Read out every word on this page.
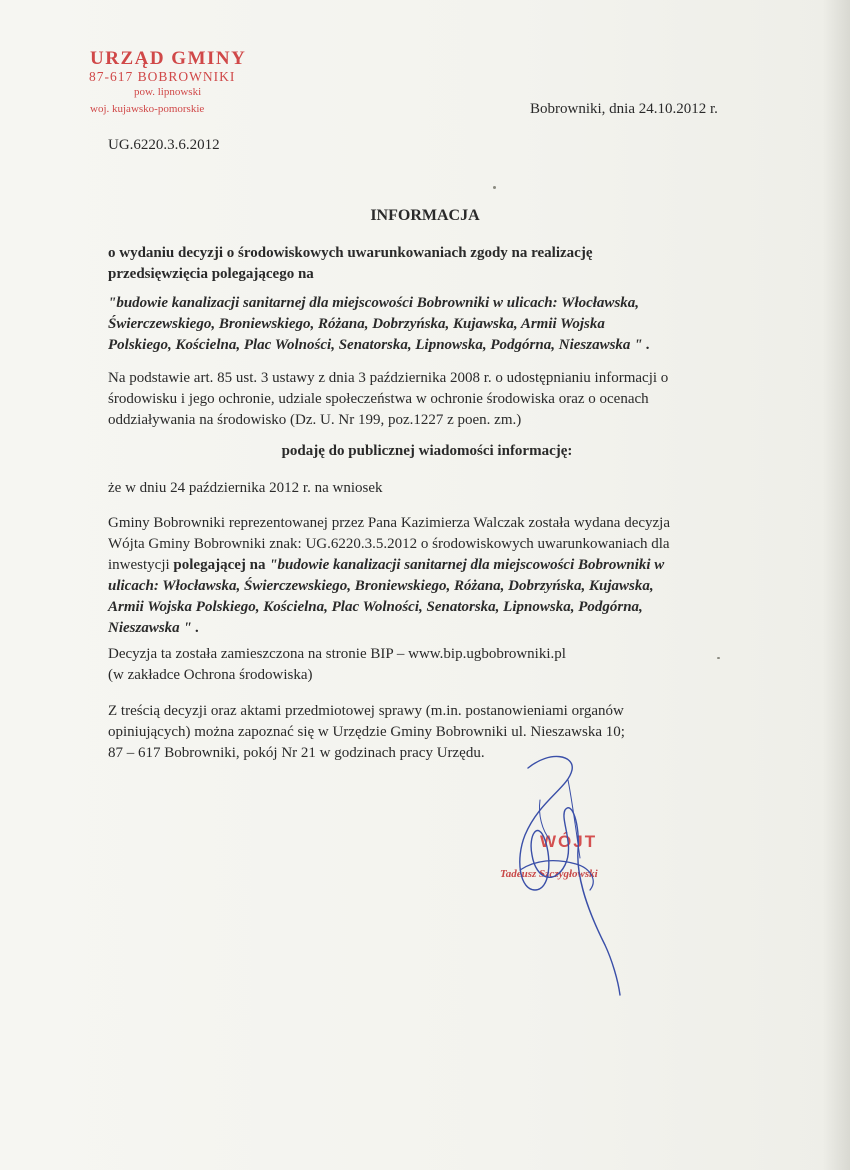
URZĄD GMINY
87-617 BOBROWNIKI
pow. lipnowski
woj. kujawsko-pomorskie	Bobrowniki, dnia 24.10.2012 r.
UG.6220.3.6.2012
INFORMACJA
o wydaniu decyzji o środowiskowych uwarunkowaniach zgody na realizację
przedsięwzięcia polegającego na
"budowie kanalizacji sanitarnej dla miejscowości Bobrowniki w ulicach: Włocławska,
Świerczewskiego, Broniewskiego, Różana, Dobrzyńska, Kujawska, Armii Wojska
Polskiego, Kościelna, Plac Wolności, Senatorska, Lipnowska, Podgórna, Nieszawska " .
Na podstawie art. 85 ust. 3 ustawy z dnia 3 października 2008 r. o udostępnianiu informacji o
środowisku i jego ochronie, udziale społeczeństwa w ochronie środowiska oraz o ocenach
oddziaływania na środowisko (Dz. U. Nr 199, poz.1227 z poen. zm.)
podaję do publicznej wiadomości informację:
że w dniu 24 października 2012 r. na wniosek
Gminy Bobrowniki reprezentowanej przez Pana Kazimierza Walczak została wydana decyzja
Wójta Gminy Bobrowniki znak: UG.6220.3.5.2012 o środowiskowych uwarunkowaniach dla
inwestycji polegającej na "budowie kanalizacji sanitarnej dla miejscowości Bobrowniki w
ulicach: Włocławska, Świerczewskiego, Broniewskiego, Różana, Dobrzyńska, Kujawska,
Armii Wojska Polskiego, Kościelna, Plac Wolności, Senatorska, Lipnowska, Podgórna,
Nieszawska " .
Decyzja ta została zamieszczona na stronie BIP – www.bip.ugbobrowniki.pl
(w zakładce Ochrona środowiska)
Z treścią decyzji oraz aktami przedmiotowej sprawy (m.in. postanowieniami organów
opiniujących) można zapoznać się w Urzędzie Gminy Bobrowniki ul. Nieszawska 10;
87 – 617 Bobrowniki, pokój Nr 21 w godzinach pracy Urzędu.
WÓJT
Tadeusz Szczygłowski
